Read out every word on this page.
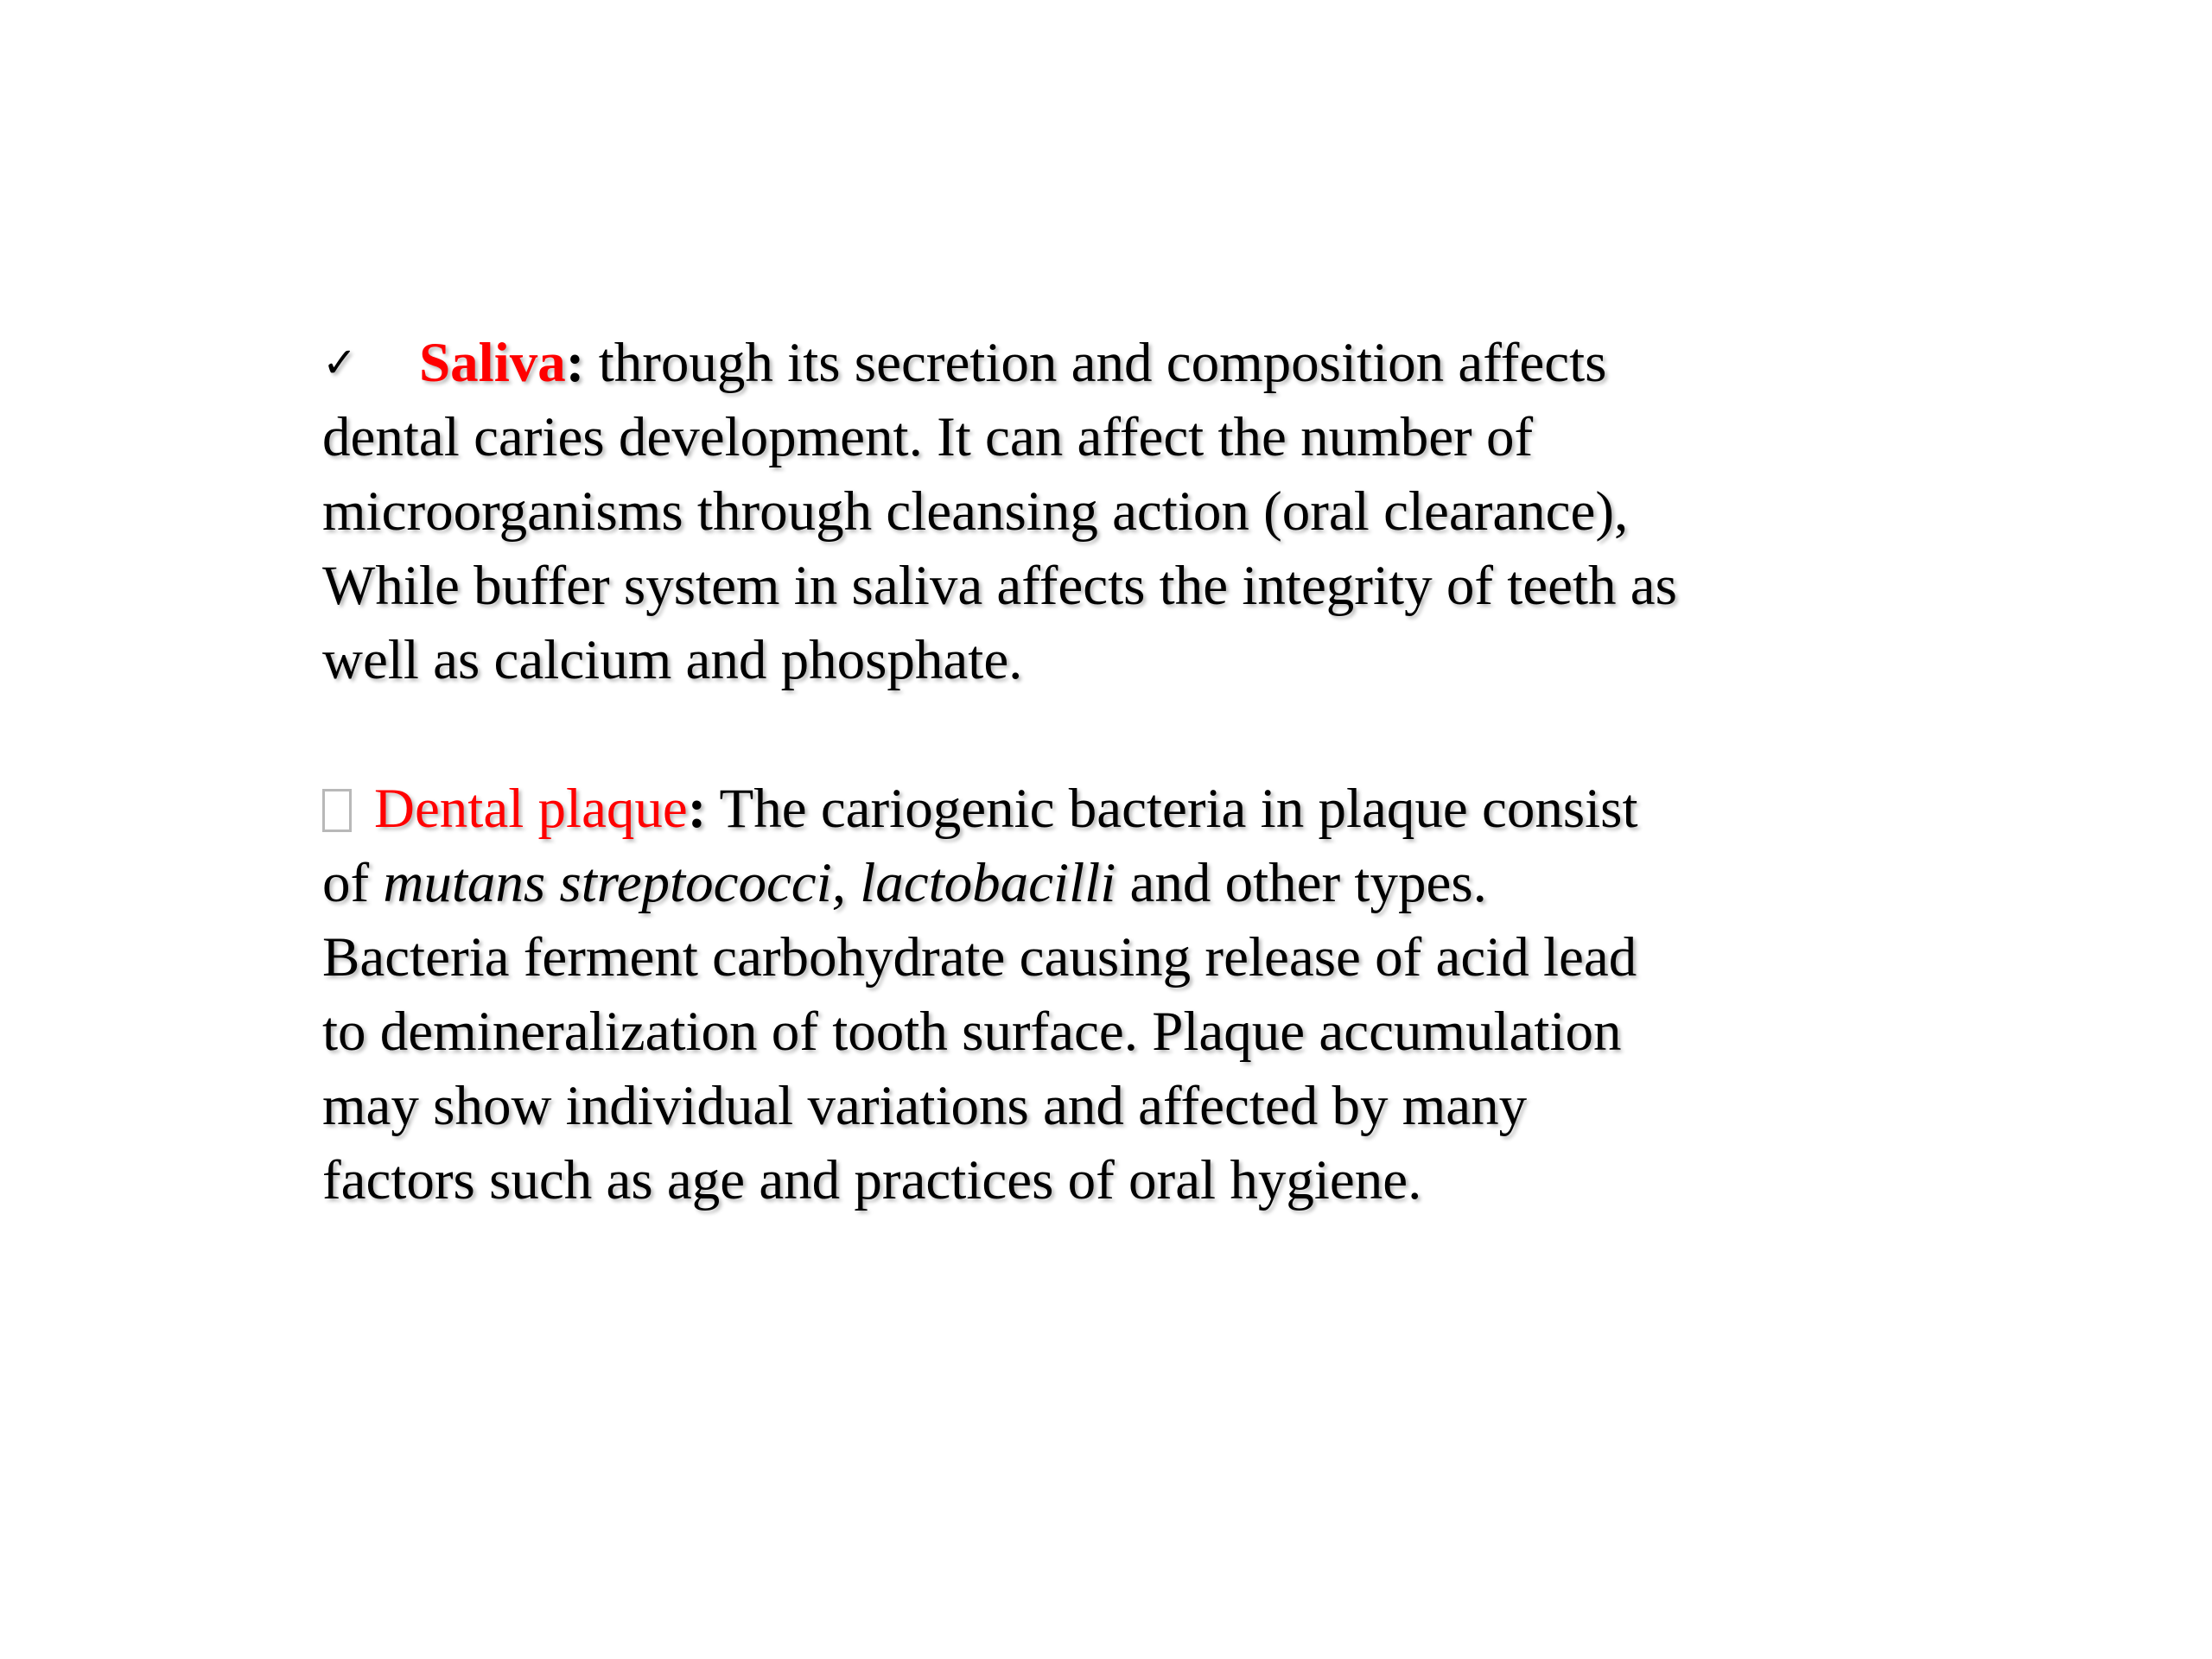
✓ Saliva: through its secretion and composition affects dental caries development. It can affect the number of microorganisms through cleansing action (oral clearance), While buffer system in saliva affects the integrity of teeth as well as calcium and phosphate.

Dental plaque: The cariogenic bacteria in plaque consist of mutans streptococci, lactobacilli and other types. Bacteria ferment carbohydrate causing release of acid lead to demineralization of tooth surface. Plaque accumulation may show individual variations and affected by many factors such as age and practices of oral hygiene.
